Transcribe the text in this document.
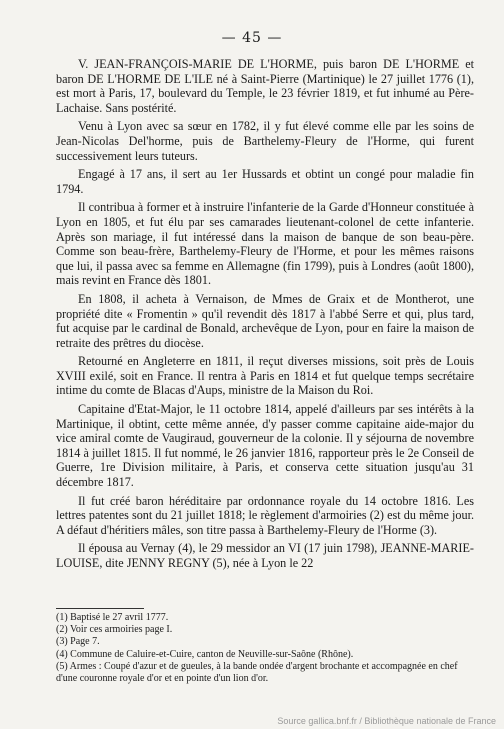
— 45 —

V. JEAN-FRANÇOIS-MARIE DE L'HORME, puis baron DE L'HORME et baron DE L'HORME DE L'ILE né à Saint-Pierre (Martinique) le 27 juillet 1776 (1), est mort à Paris, 17, boulevard du Temple, le 23 février 1819, et fut inhumé au Père-Lachaise. Sans postérité.

Venu à Lyon avec sa sœur en 1782, il y fut élevé comme elle par les soins de Jean-Nicolas Del'horme, puis de Barthelemy-Fleury de l'Horme, qui furent successivement leurs tuteurs.

Engagé à 17 ans, il sert au 1er Hussards et obtint un congé pour maladie fin 1794.

Il contribua à former et à instruire l'infanterie de la Garde d'Honneur constituée à Lyon en 1805, et fut élu par ses camarades lieutenant-colonel de cette infanterie. Après son mariage, il fut intéressé dans la maison de banque de son beau-père. Comme son beau-frère, Barthelemy-Fleury de l'Horme, et pour les mêmes raisons que lui, il passa avec sa femme en Allemagne (fin 1799), puis à Londres (août 1800), mais revint en France dès 1801.

En 1808, il acheta à Vernaison, de Mmes de Graix et de Montherot, une propriété dite « Fromentin » qu'il revendit dès 1817 à l'abbé Serre et qui, plus tard, fut acquise par le cardinal de Bonald, archevêque de Lyon, pour en faire la maison de retraite des prêtres du diocèse.

Retourné en Angleterre en 1811, il reçut diverses missions, soit près de Louis XVIII exilé, soit en France. Il rentra à Paris en 1814 et fut quelque temps secrétaire intime du comte de Blacas d'Aups, ministre de la Maison du Roi.

Capitaine d'Etat-Major, le 11 octobre 1814, appelé d'ailleurs par ses intérêts à la Martinique, il obtint, cette même année, d'y passer comme capitaine aide-major du vice amiral comte de Vaugiraud, gouverneur de la colonie. Il y séjourna de novembre 1814 à juillet 1815. Il fut nommé, le 26 janvier 1816, rapporteur près le 2e Conseil de Guerre, 1re Division militaire, à Paris, et conserva cette situation jusqu'au 31 décembre 1817.

Il fut créé baron héréditaire par ordonnance royale du 14 octobre 1816. Les lettres patentes sont du 21 juillet 1818; le règlement d'armoiries (2) est du même jour. A défaut d'héritiers mâles, son titre passa à Barthelemy-Fleury de l'Horme (3).

Il épousa au Vernay (4), le 29 messidor an VI (17 juin 1798), JEANNE-MARIE-LOUISE, dite JENNY REGNY (5), née à Lyon le 22

(1) Baptisé le 27 avril 1777.
(2) Voir ces armoiries page I.
(3) Page 7.
(4) Commune de Caluire-et-Cuire, canton de Neuville-sur-Saône (Rhône).
(5) Armes : Coupé d'azur et de gueules, à la bande ondée d'argent brochante et accompagnée en chef d'une couronne royale d'or et en pointe d'un lion d'or.
Source gallica.bnf.fr / Bibliothèque nationale de France
